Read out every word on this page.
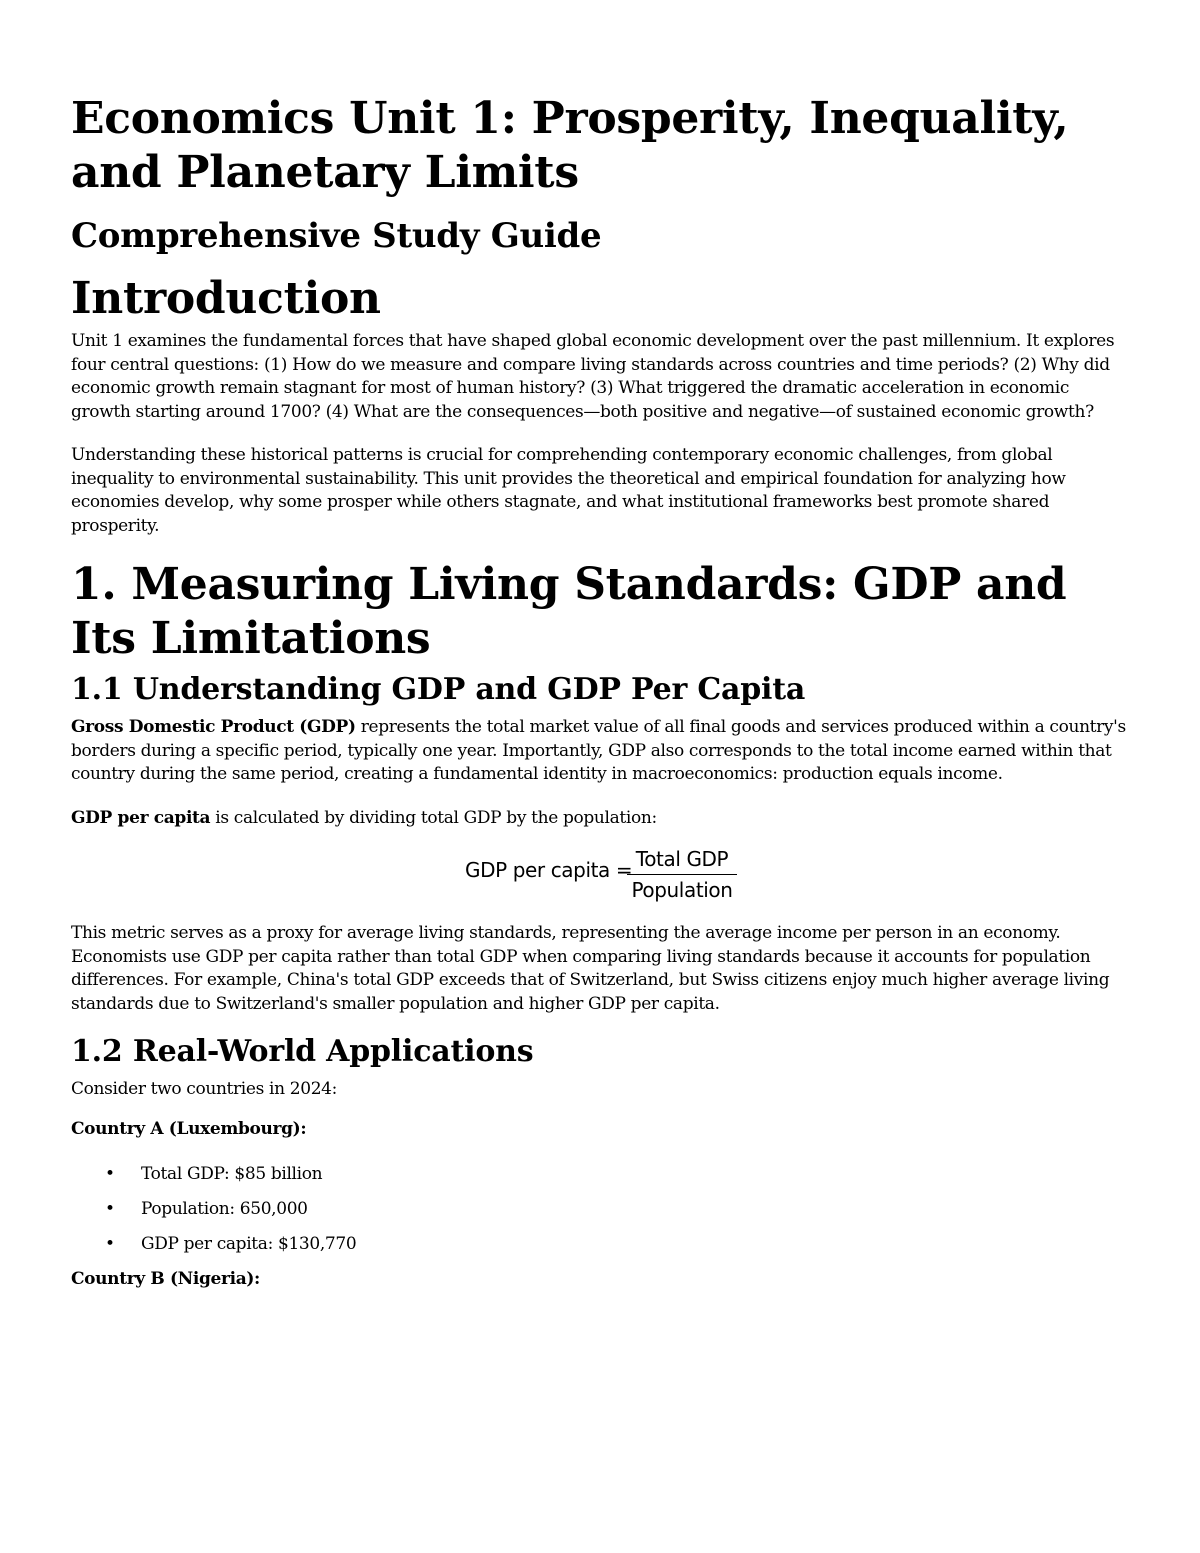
Economics Unit 1: Prosperity, Inequality, and Planetary Limits
Comprehensive Study Guide
Introduction

Unit 1 examines the fundamental forces that have shaped global economic development over the past millennium. It explores four central questions: (1) How do we measure and compare living standards across countries and time periods? (2) Why did economic growth remain stagnant for most of human history? (3) What triggered the dramatic acceleration in economic growth starting around 1700? (4) What are the consequences—both positive and negative—of sustained economic growth?

Understanding these historical patterns is crucial for comprehending contemporary economic challenges, from global inequality to environmental sustainability. This unit provides the theoretical and empirical foundation for analyzing how economies develop, why some prosper while others stagnate, and what institutional frameworks best promote shared prosperity.

1. Measuring Living Standards: GDP and Its Limitations
1.1 Understanding GDP and GDP Per Capita

Gross Domestic Product (GDP) represents the total market value of all final goods and services produced within a country's borders during a specific period, typically one year. Importantly, GDP also corresponds to the total income earned within that country during the same period, creating a fundamental identity in macroeconomics: production equals income.

GDP per capita is calculated by dividing total GDP by the population:

GDP per capita = Total GDP
Population

This metric serves as a proxy for average living standards, representing the average income per person in an economy. Economists use GDP per capita rather than total GDP when comparing living standards because it accounts for population differences. For example, China's total GDP exceeds that of Switzerland, but Swiss citizens enjoy much higher average living standards due to Switzerland's smaller population and higher GDP per capita.

1.2 Real-World Applications

Consider two countries in 2024:

Country A (Luxembourg):

• Total GDP: $85 billion
• Population: 650,000
• GDP per capita: $130,770

Country B (Nigeria):
